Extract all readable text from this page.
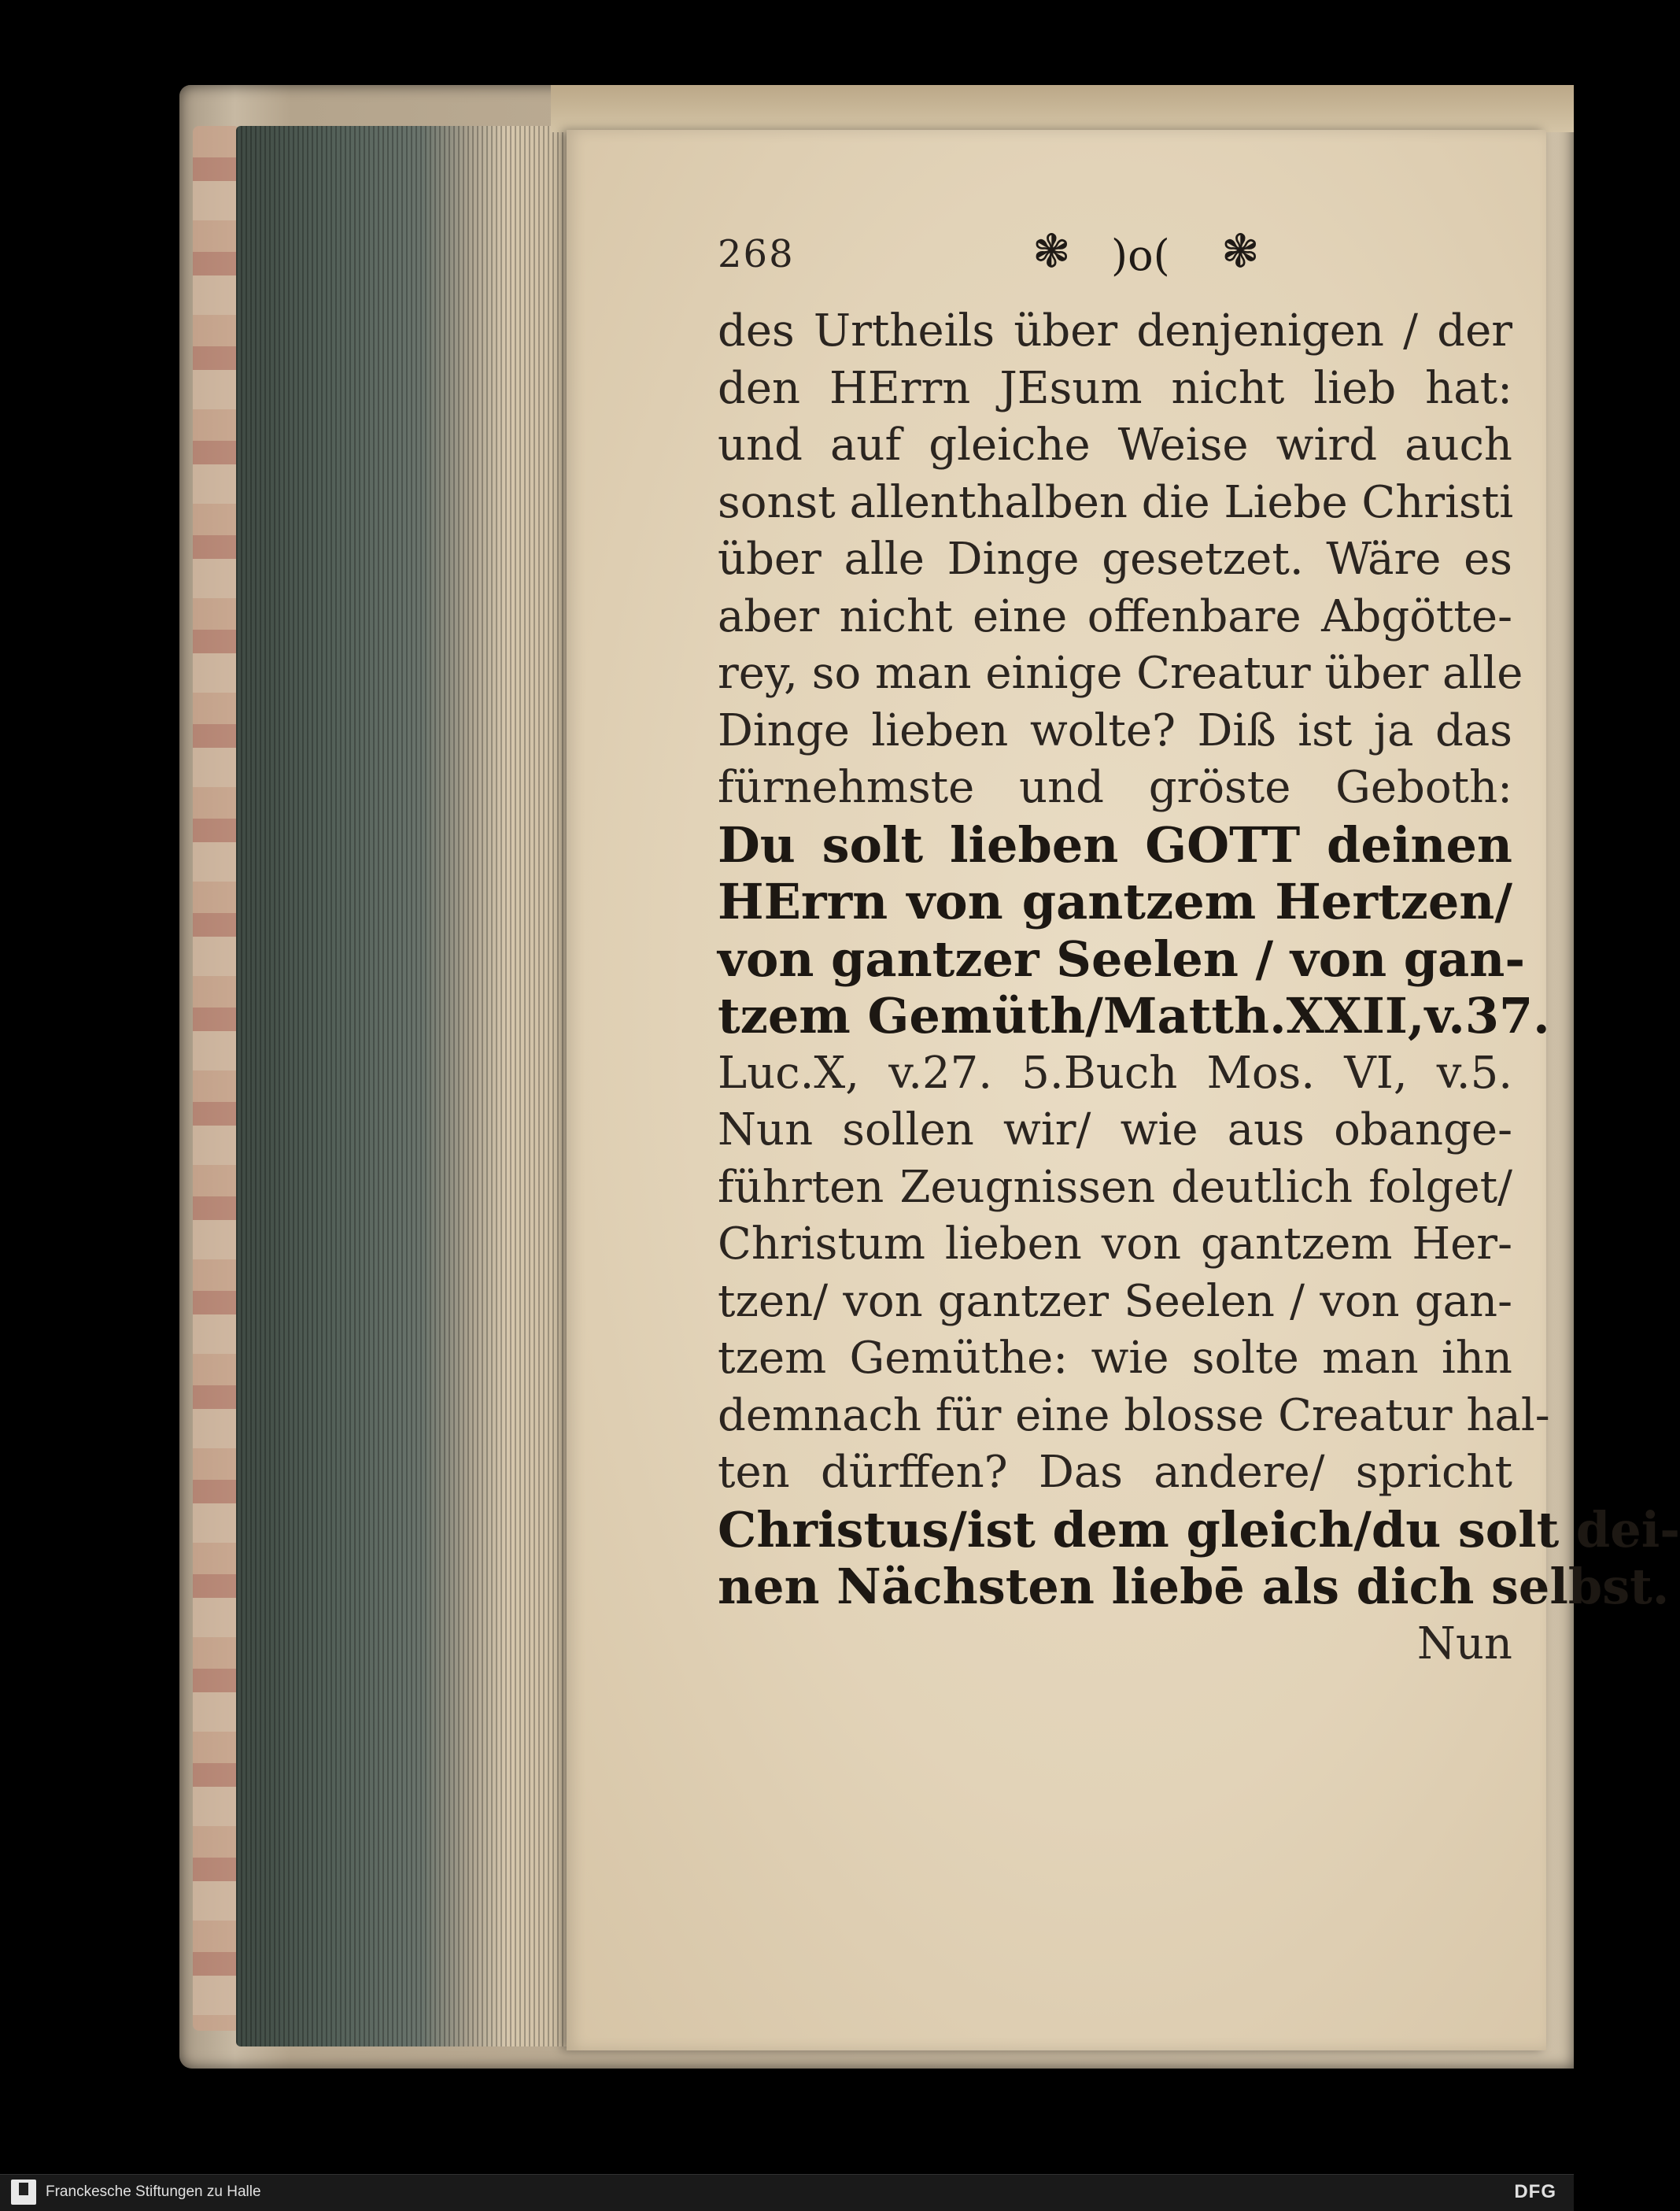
268	❃ )o( ❃
des Urtheils über denjenigen / der
den HErrn JEsum nicht lieb hat:
und auf gleiche Weise wird auch
sonst allenthalben die Liebe Christi
über alle Dinge gesetzet. Wäre es
aber nicht eine offenbare Abgötte-
rey, so man einige Creatur über alle
Dinge lieben wolte? Diß ist ja das
fürnehmste und gröste Geboth:
Du solt lieben GOTT deinen
HErrn von gantzem Hertzen/
von gantzer Seelen / von gan-
tzem Gemüth/Matth.XXII,v.37.
Luc.X, v.27. 5.Buch Mos. VI, v.5.
Nun sollen wir/ wie aus obange-
führten Zeugnissen deutlich folget/
Christum lieben von gantzem Her-
tzen/ von gantzer Seelen / von gan-
tzem Gemüthe: wie solte man ihn
demnach für eine blosse Creatur hal-
ten dürffen? Das andere/ spricht
Christus/ist dem gleich/du solt dei-
nen Nächsten liebē als dich selbst.
Nun
Franckesche Stiftungen zu Halle	DFG
